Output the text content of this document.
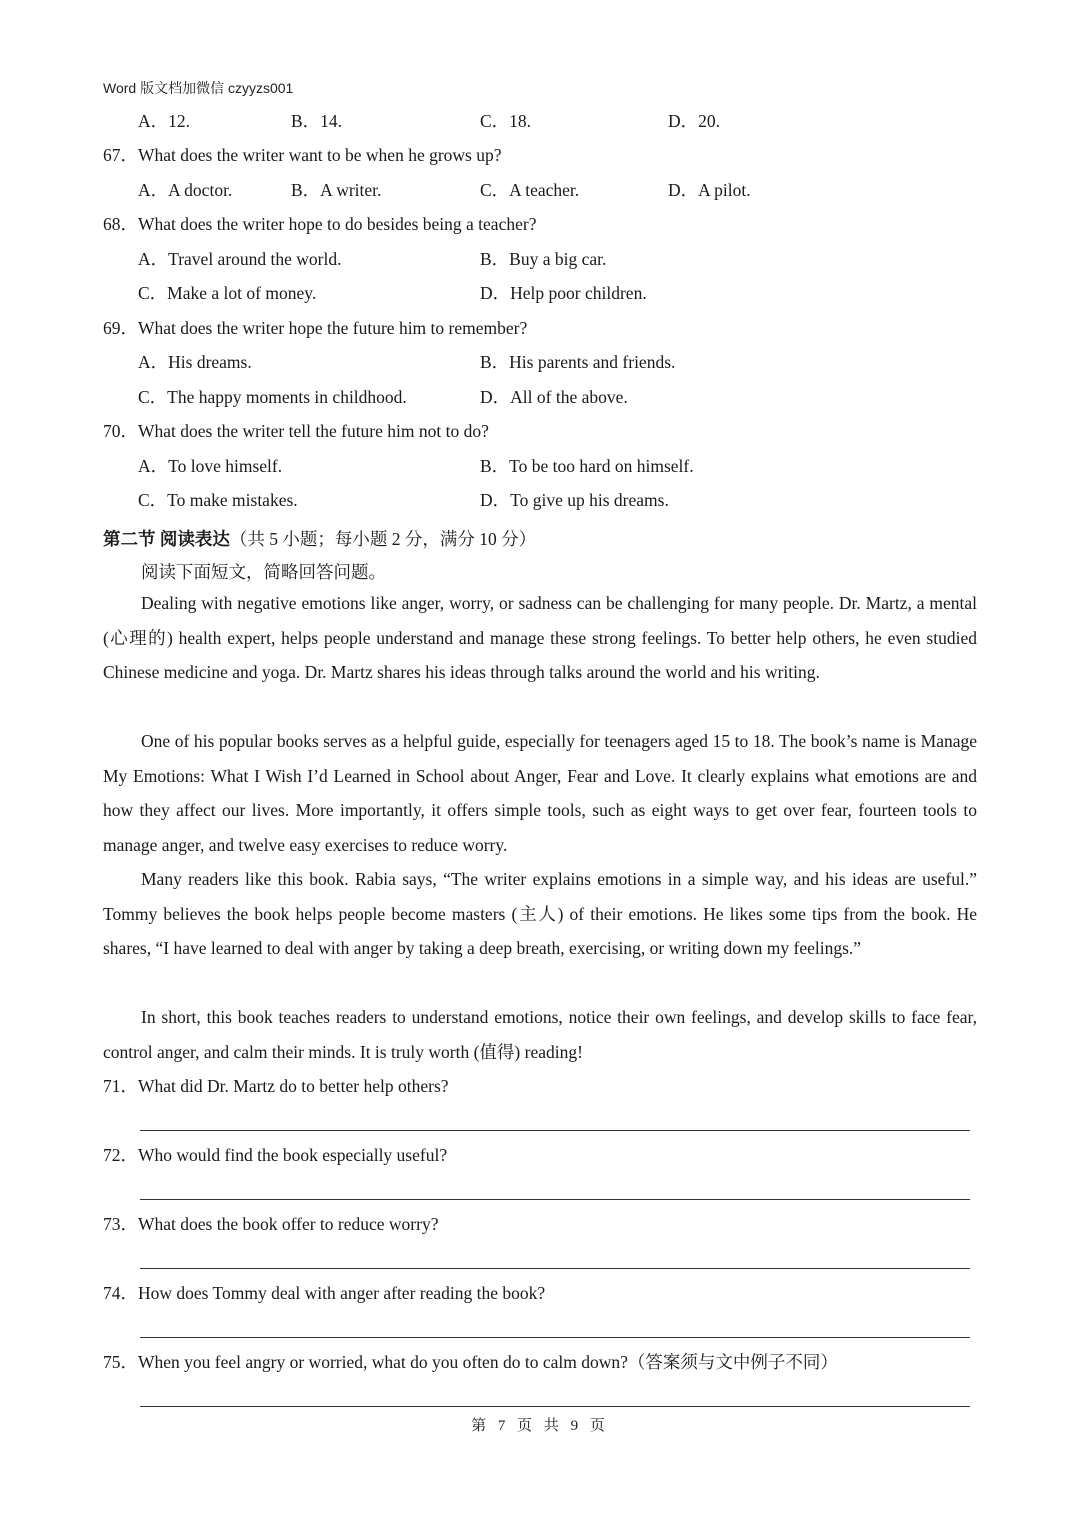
Word 版文档加微信 czyyzs001
A．12.	B．14.	C．18.	D．20.
67．What does the writer want to be when he grows up?
A．A doctor.	B．A writer.	C．A teacher.	D．A pilot.
68．What does the writer hope to do besides being a teacher?
A．Travel around the world.	B．Buy a big car.
C．Make a lot of money.	D．Help poor children.
69．What does the writer hope the future him to remember?
A．His dreams.	B．His parents and friends.
C．The happy moments in childhood.	D．All of the above.
70．What does the writer tell the future him not to do?
A．To love himself.	B．To be too hard on himself.
C．To make mistakes.	D．To give up his dreams.
第二节 阅读表达（共 5 小题；每小题 2 分，满分 10 分）
阅读下面短文，简略回答问题。
Dealing with negative emotions like anger, worry, or sadness can be challenging for many people. Dr. Martz, a mental (心理的) health expert, helps people understand and manage these strong feelings. To better help others, he even studied Chinese medicine and yoga. Dr. Martz shares his ideas through talks around the world and his writing.
One of his popular books serves as a helpful guide, especially for teenagers aged 15 to 18. The book’s name is Manage My Emotions: What I Wish I’d Learned in School about Anger, Fear and Love. It clearly explains what emotions are and how they affect our lives. More importantly, it offers simple tools, such as eight ways to get over fear, fourteen tools to manage anger, and twelve easy exercises to reduce worry.
Many readers like this book. Rabia says, “The writer explains emotions in a simple way, and his ideas are useful.” Tommy believes the book helps people become masters (主人) of their emotions. He likes some tips from the book. He shares, “I have learned to deal with anger by taking a deep breath, exercising, or writing down my feelings.”
In short, this book teaches readers to understand emotions, notice their own feelings, and develop skills to face fear, control anger, and calm their minds. It is truly worth (值得) reading!
71．What did Dr. Martz do to better help others?
72．Who would find the book especially useful?
73．What does the book offer to reduce worry?
74．How does Tommy deal with anger after reading the book?
75．When you feel angry or worried, what do you often do to calm down?（答案须与文中例子不同）
第 7 页 共 9 页
